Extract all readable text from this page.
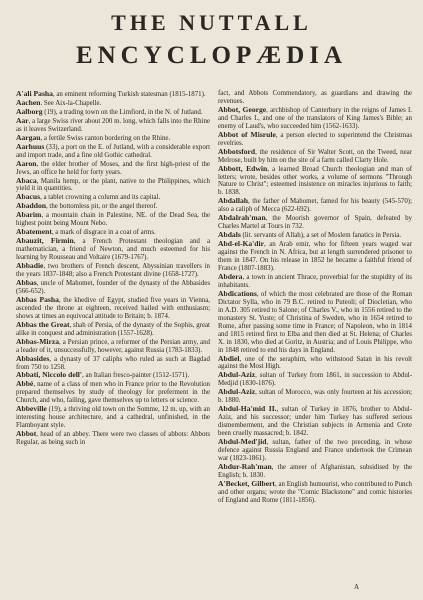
THE NUTTALL
ENCYCLOPÆDIA

A'ali Pasha, an eminent reforming Turkish statesman (1815-1871).

Aachen. See Aix-la-Chapelle.

Aalborg (19), a trading town on the Limfiord, in the N. of Jutland.

Aar, a large Swiss river about 200 m. long, which falls into the Rhine as it leaves Switzerland.

Aargau, a fertile Swiss canton bordering on the Rhine.

Aarhuus (33), a port on the E. of Jutland, with a considerable export and import trade, and a fine old Gothic cathedral.

Aaron, the elder brother of Moses, and the first high-priest of the Jews, an office he held for forty years.

Abaca, Manila hemp, or the plant, native to the Philippines, which yield it in quantities.

Abacus, a tablet crowning a column and its capital.

Abaddon, the bottomless pit, or the angel thereof.

Abarim, a mountain chain in Palestine, NE. of the Dead Sea, the highest point being Mount Nebo.

Abatement, a mark of disgrace in a coat of arms.

Abauzit, Firmin, a French Protestant theologian and a mathematician, a friend of Newton, and much esteemed for his learning by Rousseau and Voltaire (1679-1767).

Abbadie, two brothers of French descent, Abyssinian travellers in the years 1837-1848; also a French Protestant divine (1658-1727).

Abbas, uncle of Mahomet, founder of the dynasty of the Abbasides (566-652).

Abbas Pasha, the khedive of Egypt, studied five years in Vienna, ascended the throne at eighteen, received hailed with enthusiasm; shows at times an equivocal attitude to Britain; b. 1874.

Abbas the Great, shah of Persia, of the dynasty of the Sophis, great alike in conquest and administration (1557-1628).

Abbas-Mirza, a Persian prince, a reformer of the Persian army, and a leader of it, unsuccessfully, however, against Russia (1783-1833).

Abbasides, a dynasty of 37 caliphs who ruled as such at Bagdad from 750 to 1258.

Abbati, Niccolo dell', an Italian fresco-painter (1512-1571).

Abbé, name of a class of men who in France prior to the Revolution prepared themselves by study of theology for preferment in the Church, and who, failing, gave themselves up to letters or science.

Abbeville (19), a thriving old town on the Somme, 12 m. up, with an interesting house architecture, and a cathedral, unfinished, in the Flamboyant style.

Abbot, head of an abbey. There were two classes of abbots: Abbots Regular, as being such in

fact, and Abbots Commendatory, as guardians and drawing the revenues.

Abbot, George, archbishop of Canterbury in the reigns of James I. and Charles I., and one of the translators of King James's Bible; an enemy of Laud's, who succeeded him (1562-1633).

Abbot of Misrule, a person elected to superintend the Christmas revelries.

Abbotsford, the residence of Sir Walter Scott, on the Tweed, near Melrose, built by him on the site of a farm called Clarty Hole.

Abbott, Edwin, a learned Broad Church theologian and man of letters; wrote, besides other works, a volume of sermons "Through Nature to Christ"; esteemed insistence on miracles injurious to faith; b. 1838.

Abdallah, the father of Mahomet, famed for his beauty (545-570); also a caliph of Mecca (622-692).

Abdalrah'man, the Moorish governor of Spain, defeated by Charles Martel at Tours in 732.

Abdals (lit. servants of Allah), a set of Moslem fanatics in Persia.

Abd-el-Ka'dir, an Arab emir, who for fifteen years waged war against the French in N. Africa, but at length surrendered prisoner to them in 1847. On his release in 1852 he became a faithful friend of France (1807-1883).

Abdera, a town in ancient Thrace, proverbial for the stupidity of its inhabitants.

Abdications, of which the most celebrated are those of the Roman Dictator Sylla, who in 79 B.C. retired to Puteoli; of Diocletian, who in A.D. 305 retired to Salone; of Charles V., who in 1556 retired to the monastery St. Yuste; of Christina of Sweden, who in 1654 retired to Rome, after passing some time in France; of Napoleon, who in 1814 and 1815 retired first to Elba and then died at St. Helena; of Charles X. in 1830, who died at Goritz, in Austria; and of Louis Philippe, who in 1848 retired to end his days in England.

Abdiel, one of the seraphim, who withstood Satan in his revolt against the Most High.

Abdul-Aziz, sultan of Turkey from 1861, in succession to Abdul-Medjid (1830-1876).

Abdul-Aziz, sultan of Morocco, was only fourteen at his accession; b. 1880.

Abdul-Ha'mid II., sultan of Turkey in 1876, brother to Abdul-Aziz, and his successor; under him Turkey has suffered serious dismemberment, and the Christian subjects in Armenia and Crete been cruelly massacred; b. 1842.

Abdul-Med'jid, sultan, father of the two preceding, in whose defence against Russia England and France undertook the Crimean war (1823-1861).

Abdur-Rah'man, the ameer of Afghanistan, subsidised by the English; b. 1830.

A'Becket, Gilbert, an English humourist, who contributed to Punch and other organs; wrote the "Comic Blackstone" and comic histories of England and Rome (1811-1856).

A
